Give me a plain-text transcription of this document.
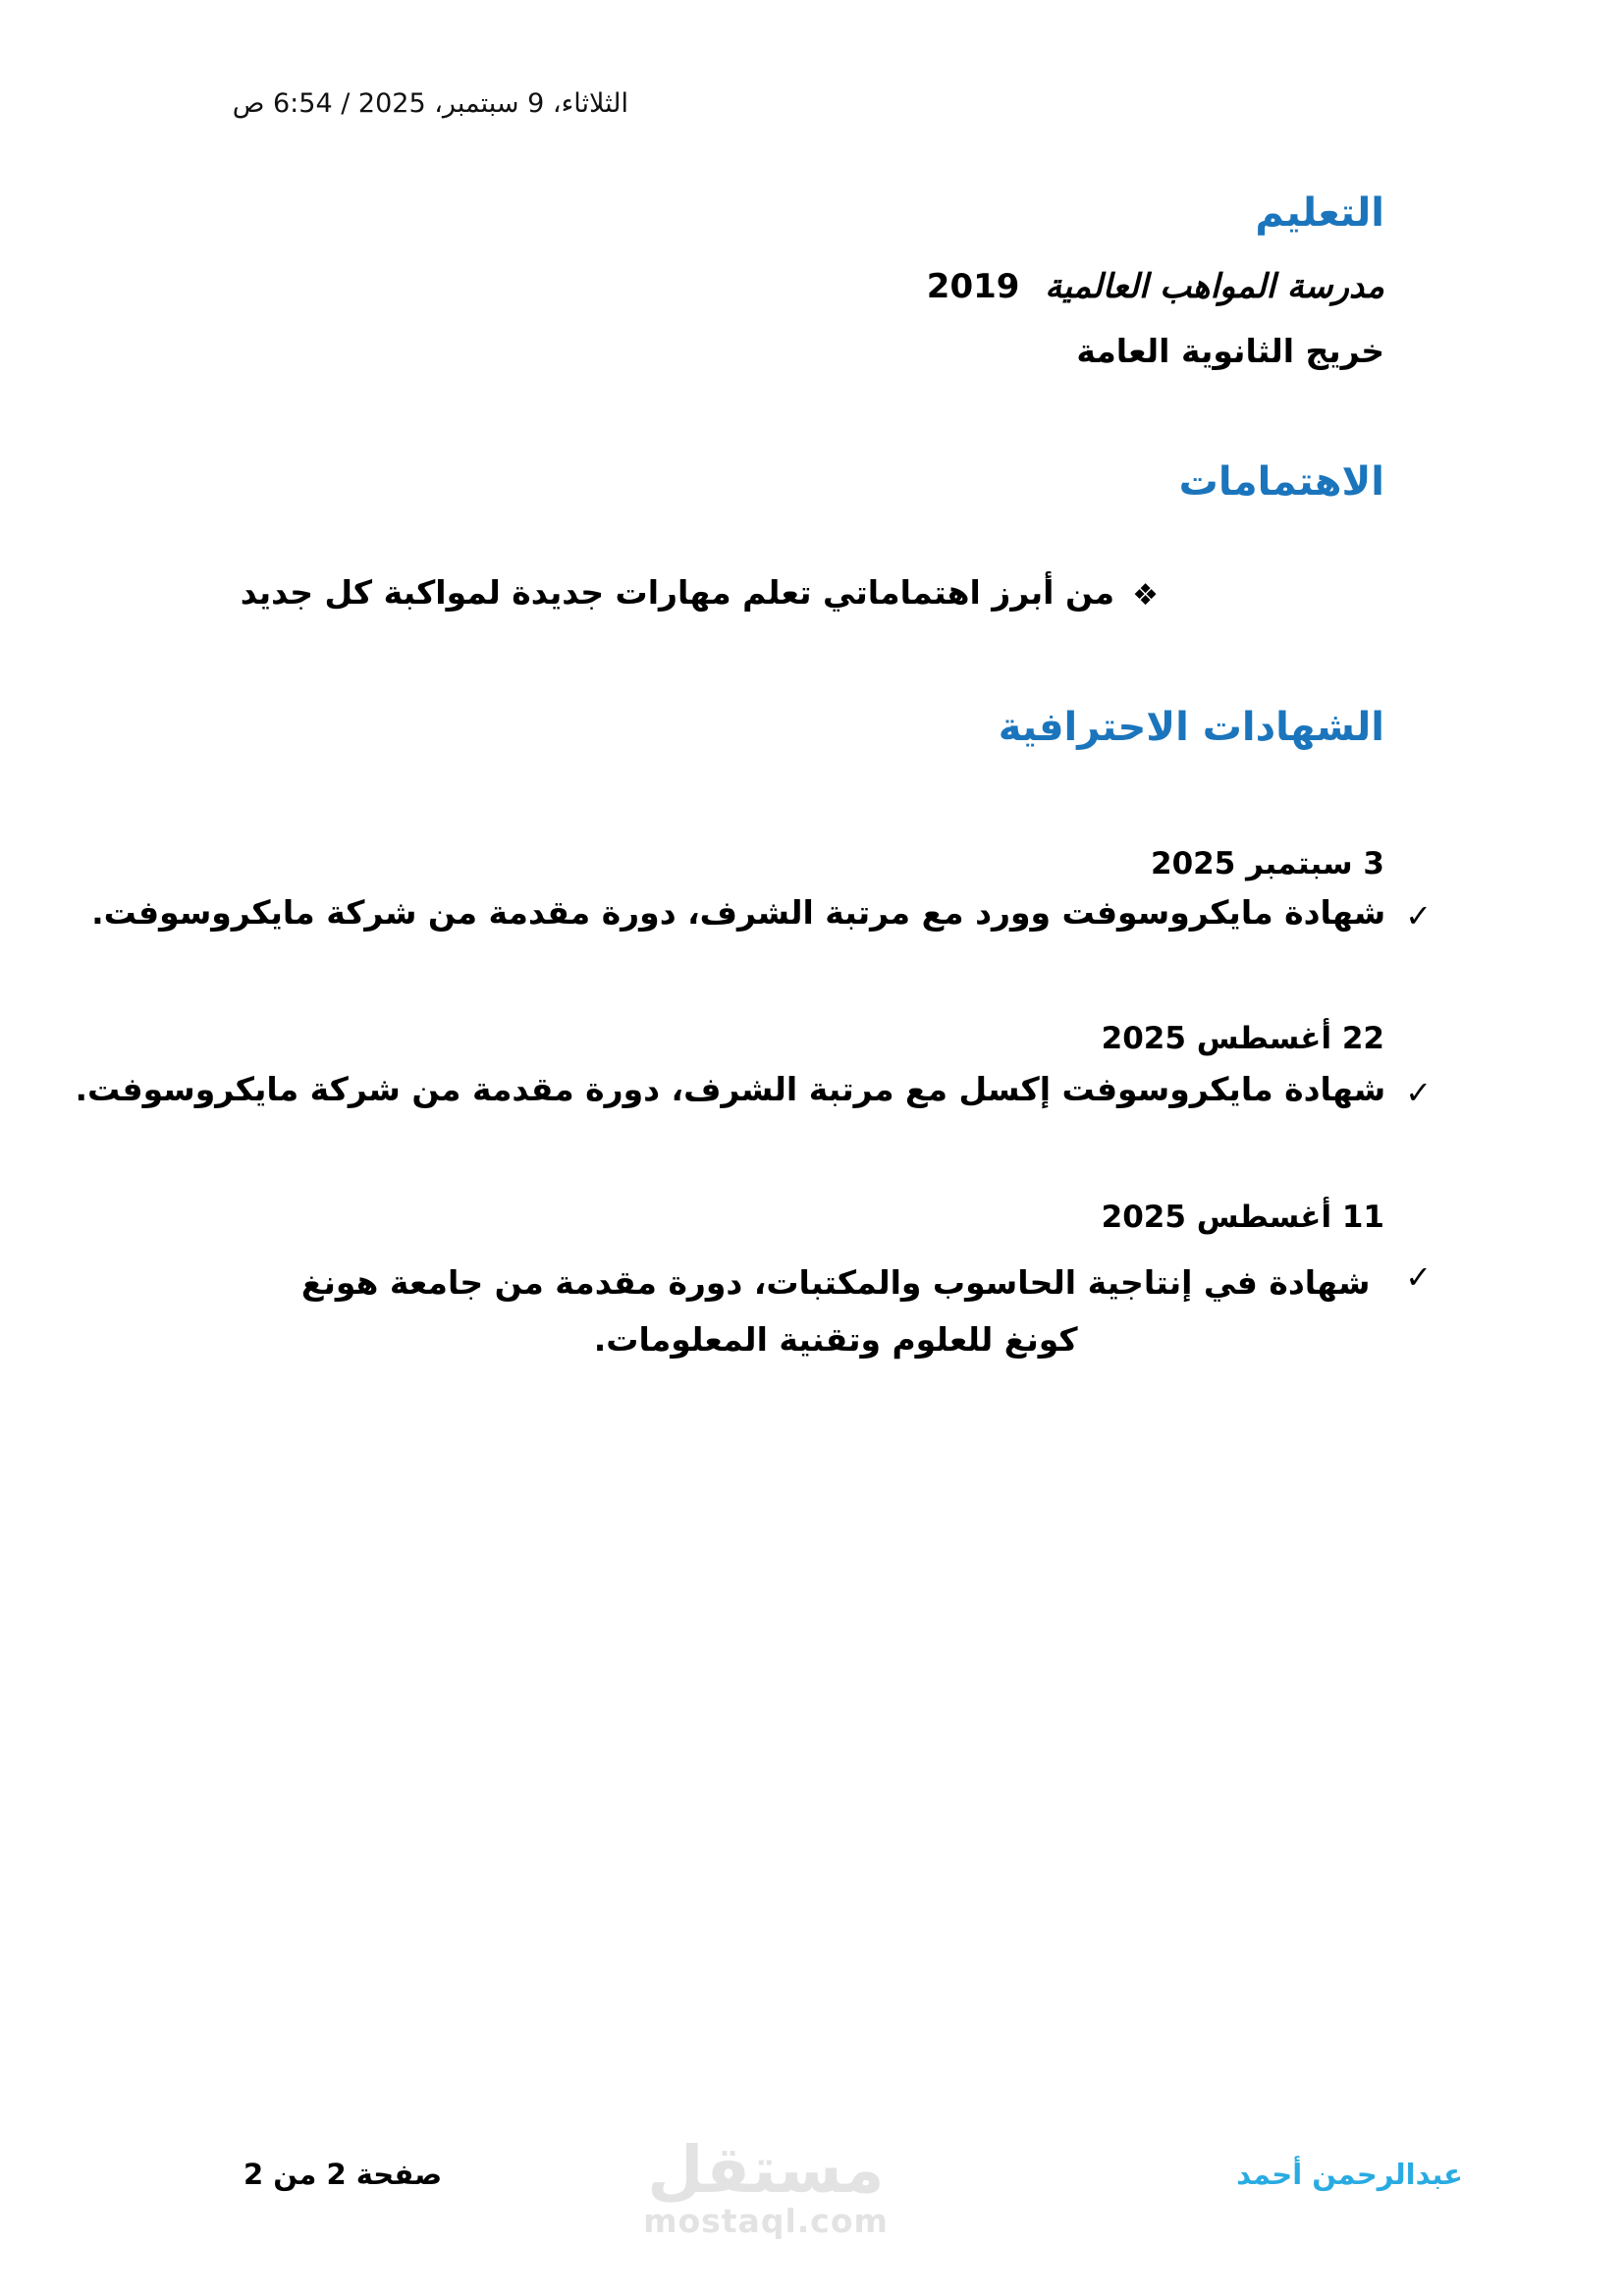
الثلاثاء، 9 سبتمبر، 2025 / 6:54 ص
التعليم
مدرسة المواهب العالمية 2019
خريج الثانوية العامة
الاهتمامات
❖
من أبرز اهتماماتي تعلم مهارات جديدة لمواكبة كل جديد
الشهادات الاحترافية
3 سبتمبر 2025
✓
شهادة مايكروسوفت وورد مع مرتبة الشرف، دورة مقدمة من شركة مايكروسوفت.
22 أغسطس 2025
✓
شهادة مايكروسوفت إكسل مع مرتبة الشرف، دورة مقدمة من شركة مايكروسوفت.
11 أغسطس 2025
✓
شهادة في إنتاجية الحاسوب والمكتبات، دورة مقدمة من جامعة هونغ كونغ للعلوم وتقنية المعلومات.
عبدالرحمن أحمد
صفحة 2 من 2	مستقل
mostaql.com
